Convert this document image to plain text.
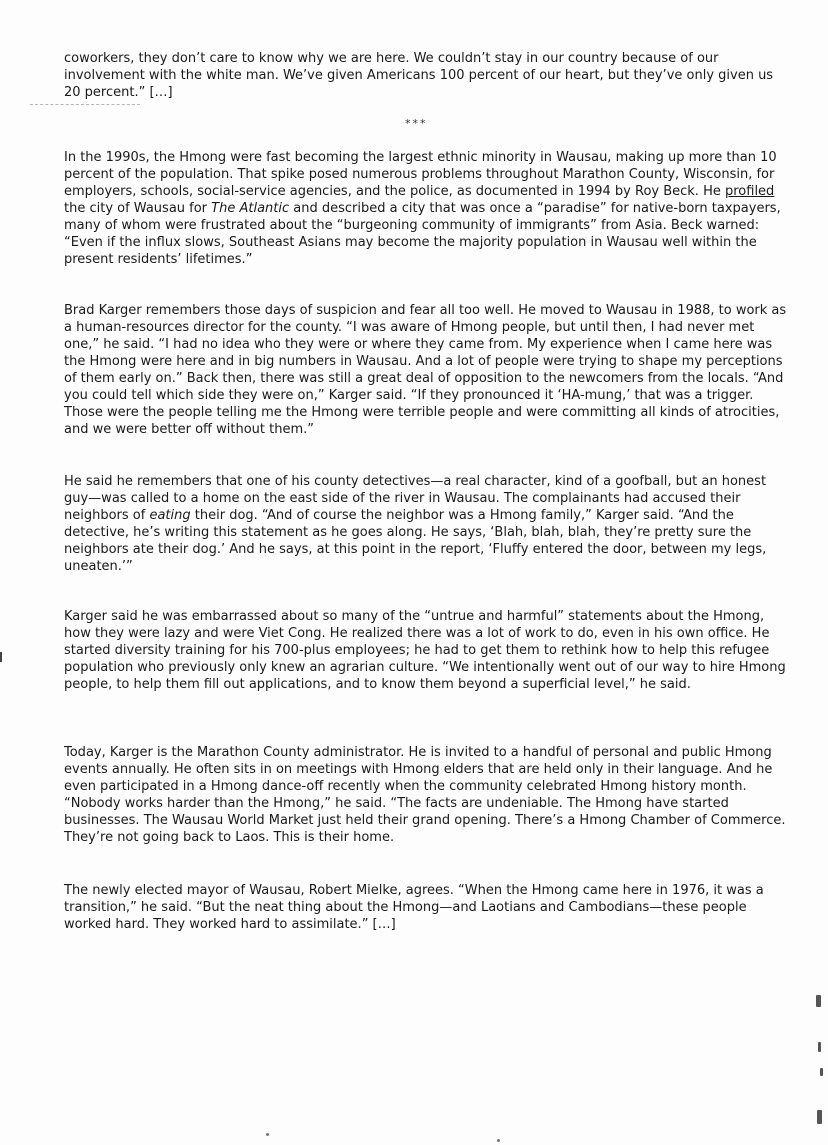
coworkers, they don’t care to know why we are here. We couldn’t stay in our country because of our involvement with the white man. We’ve given Americans 100 percent of our heart, but they’ve only given us 20 percent.” […]

***

In the 1990s, the Hmong were fast becoming the largest ethnic minority in Wausau, making up more than 10 percent of the population. That spike posed numerous problems throughout Marathon County, Wisconsin, for employers, schools, social-service agencies, and the police, as documented in 1994 by Roy Beck. He profiled the city of Wausau for The Atlantic and described a city that was once a “paradise” for native-born taxpayers, many of whom were frustrated about the “burgeoning community of immigrants” from Asia. Beck warned: “Even if the influx slows, Southeast Asians may become the majority population in Wausau well within the present residents’ lifetimes.”

Brad Karger remembers those days of suspicion and fear all too well. He moved to Wausau in 1988, to work as a human-resources director for the county. “I was aware of Hmong people, but until then, I had never met one,” he said. “I had no idea who they were or where they came from. My experience when I came here was the Hmong were here and in big numbers in Wausau. And a lot of people were trying to shape my perceptions of them early on.” Back then, there was still a great deal of opposition to the newcomers from the locals. “And you could tell which side they were on,” Karger said. “If they pronounced it ‘HA-mung,’ that was a trigger. Those were the people telling me the Hmong were terrible people and were committing all kinds of atrocities, and we were better off without them.”

He said he remembers that one of his county detectives—a real character, kind of a goofball, but an honest guy—was called to a home on the east side of the river in Wausau. The complainants had accused their neighbors of eating their dog. “And of course the neighbor was a Hmong family,” Karger said. “And the detective, he’s writing this statement as he goes along. He says, ‘Blah, blah, blah, they’re pretty sure the neighbors ate their dog.’ And he says, at this point in the report, ‘Fluffy entered the door, between my legs, uneaten.’”

Karger said he was embarrassed about so many of the “untrue and harmful” statements about the Hmong, how they were lazy and were Viet Cong. He realized there was a lot of work to do, even in his own office. He started diversity training for his 700-plus employees; he had to get them to rethink how to help this refugee population who previously only knew an agrarian culture. “We intentionally went out of our way to hire Hmong people, to help them fill out applications, and to know them beyond a superficial level,” he said.

Today, Karger is the Marathon County administrator. He is invited to a handful of personal and public Hmong events annually. He often sits in on meetings with Hmong elders that are held only in their language. And he even participated in a Hmong dance-off recently when the community celebrated Hmong history month. “Nobody works harder than the Hmong,” he said. “The facts are undeniable. The Hmong have started businesses. The Wausau World Market just held their grand opening. There’s a Hmong Chamber of Commerce. They’re not going back to Laos. This is their home.

The newly elected mayor of Wausau, Robert Mielke, agrees. “When the Hmong came here in 1976, it was a transition,” he said. “But the neat thing about the Hmong—and Laotians and Cambodians—these people worked hard. They worked hard to assimilate.” […]
